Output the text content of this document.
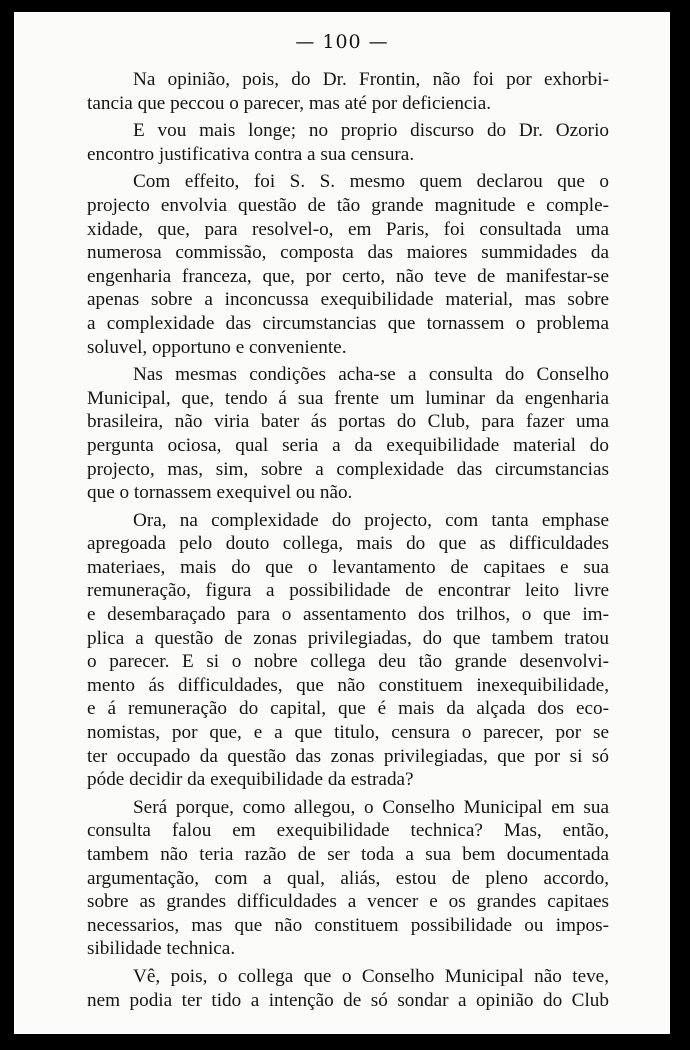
— 100 —
Na opinião, pois, do Dr. Frontin, não foi por exhorbi-
tancia que peccou o parecer, mas até por deficiencia.
E vou mais longe; no proprio discurso do Dr. Ozorio
encontro justificativa contra a sua censura.
Com effeito, foi S. S. mesmo quem declarou que o
projecto envolvia questão de tão grande magnitude e comple-
xidade, que, para resolvel-o, em Paris, foi consultada uma
numerosa commissão, composta das maiores summidades da
engenharia franceza, que, por certo, não teve de manifestar-se
apenas sobre a inconcussa exequibilidade material, mas sobre
a complexidade das circumstancias que tornassem o problema
soluvel, opportuno e conveniente.
Nas mesmas condições acha-se a consulta do Conselho
Municipal, que, tendo á sua frente um luminar da engenharia
brasileira, não viria bater ás portas do Club, para fazer uma
pergunta ociosa, qual seria a da exequibilidade material do
projecto, mas, sim, sobre a complexidade das circumstancias
que o tornassem exequivel ou não.
Ora, na complexidade do projecto, com tanta emphase
apregoada pelo douto collega, mais do que as difficuldades
materiaes, mais do que o levantamento de capitaes e sua
remuneração, figura a possibilidade de encontrar leito livre
e desembaraçado para o assentamento dos trilhos, o que im-
plica a questão de zonas privilegiadas, do que tambem tratou
o parecer. E si o nobre collega deu tão grande desenvolvi-
mento ás difficuldades, que não constituem inexequibilidade,
e á remuneração do capital, que é mais da alçada dos eco-
nomistas, por que, e a que titulo, censura o parecer, por se
ter occupado da questão das zonas privilegiadas, que por si só
póde decidir da exequibilidade da estrada?
Será porque, como allegou, o Conselho Municipal em sua
consulta falou em exequibilidade technica? Mas, então,
tambem não teria razão de ser toda a sua bem documentada
argumentação, com a qual, aliás, estou de pleno accordo,
sobre as grandes difficuldades a vencer e os grandes capitaes
necessarios, mas que não constituem possibilidade ou impos-
sibilidade technica.
Vê, pois, o collega que o Conselho Municipal não teve,
nem podia ter tido a intenção de só sondar a opinião do Club
